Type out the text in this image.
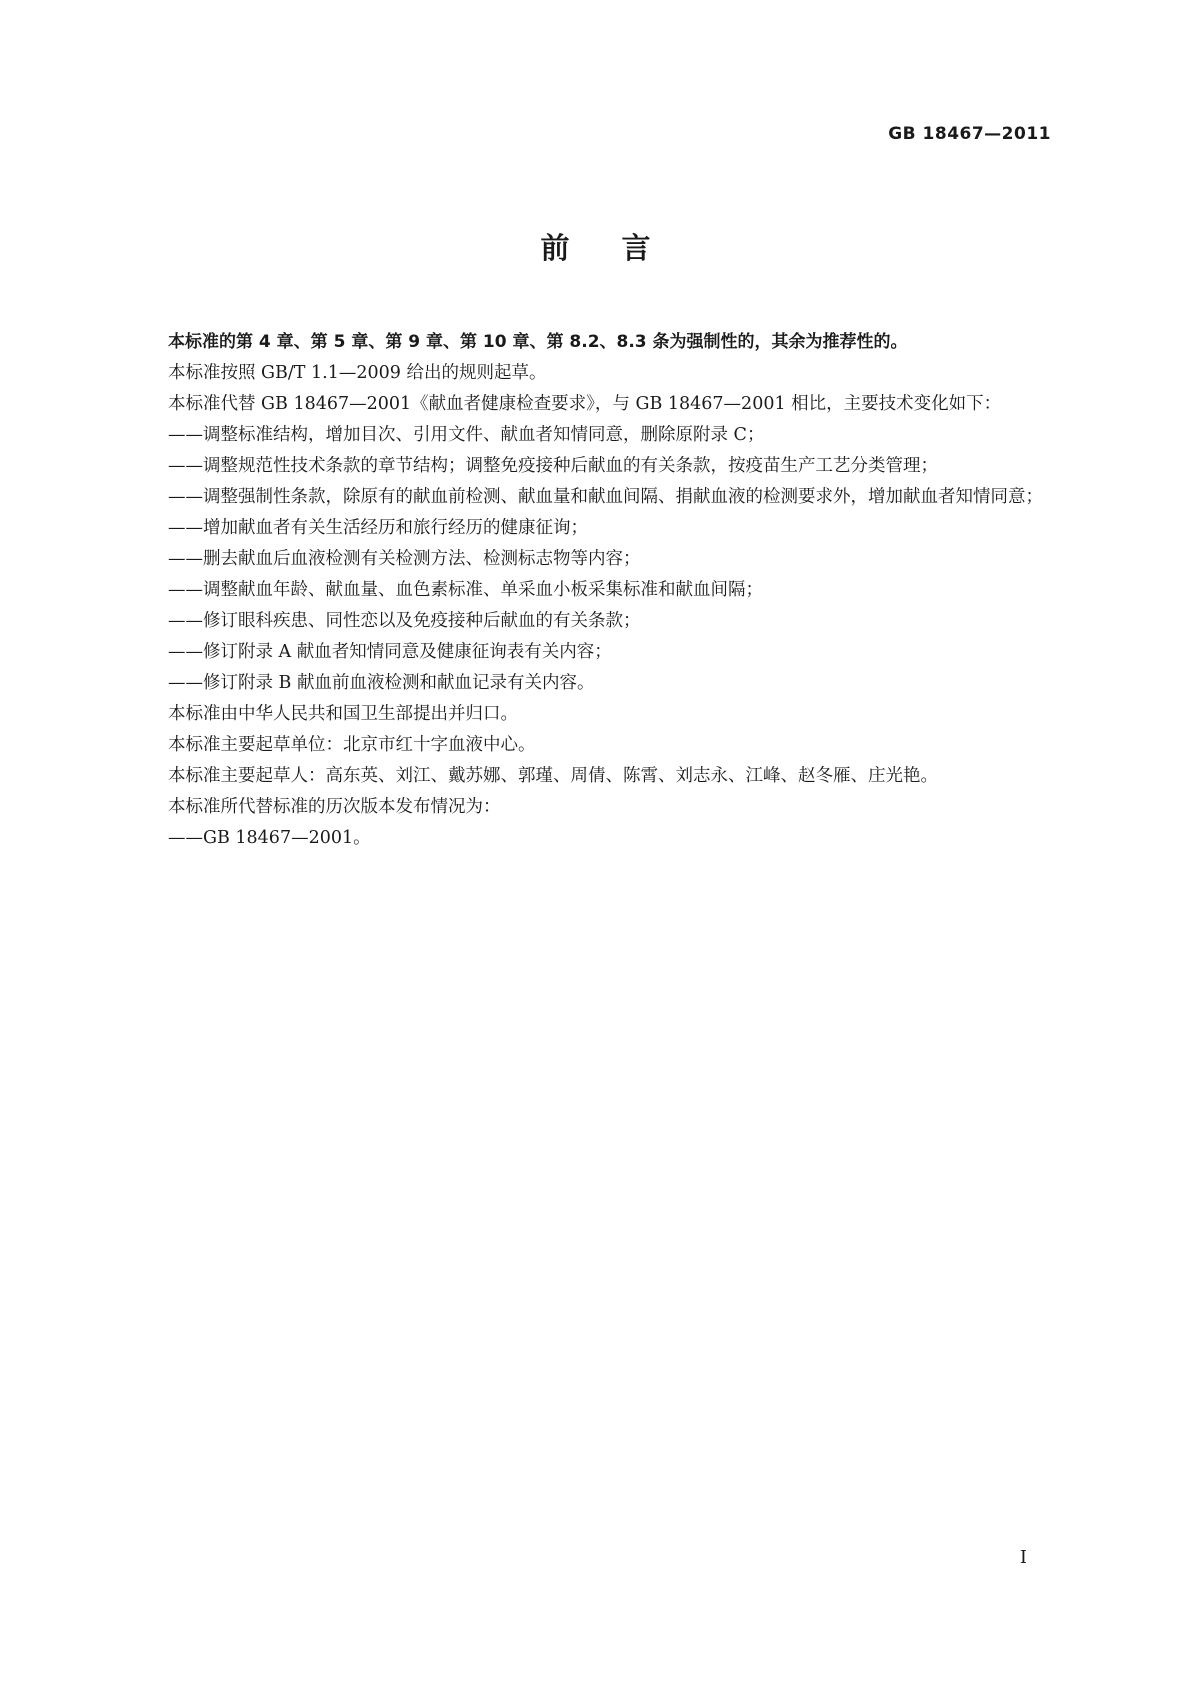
GB 18467—2011
前言

本标准的第 4 章、第 5 章、第 9 章、第 10 章、第 8.2、8.3 条为强制性的，其余为推荐性的。

本标准按照 GB/T 1.1—2009 给出的规则起草。

本标准代替 GB 18467—2001《献血者健康检查要求》，与 GB 18467—2001 相比，主要技术变化如下：

——调整标准结构，增加目次、引用文件、献血者知情同意，删除原附录 C；

——调整规范性技术条款的章节结构；调整免疫接种后献血的有关条款，按疫苗生产工艺分类管理；

——调整强制性条款，除原有的献血前检测、献血量和献血间隔、捐献血液的检测要求外，增加献血者知情同意；

——增加献血者有关生活经历和旅行经历的健康征询；

——删去献血后血液检测有关检测方法、检测标志物等内容；

——调整献血年龄、献血量、血色素标准、单采血小板采集标准和献血间隔；

——修订眼科疾患、同性恋以及免疫接种后献血的有关条款；

——修订附录 A 献血者知情同意及健康征询表有关内容；

——修订附录 B 献血前血液检测和献血记录有关内容。

本标准由中华人民共和国卫生部提出并归口。

本标准主要起草单位：北京市红十字血液中心。

本标准主要起草人：高东英、刘江、戴苏娜、郭瑾、周倩、陈霄、刘志永、江峰、赵冬雁、庄光艳。

本标准所代替标准的历次版本发布情况为：

——GB 18467—2001。

I
